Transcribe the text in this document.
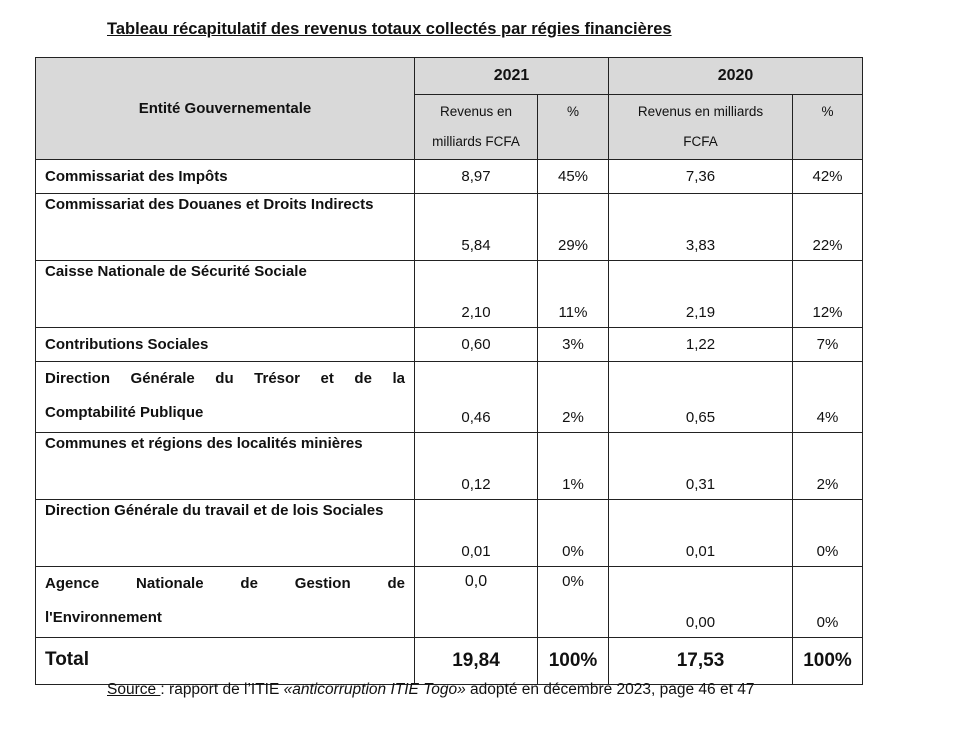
Tableau récapitulatif des revenus totaux collectés par régies financières
Entité Gouvernementale	2021		2020	
	Revenus en milliards FCFA	%	Revenus en milliards FCFA	%
Commissariat des Impôts	8,97	45%	7,36	42%
Commissariat des Douanes et Droits Indirects	5,84	29%	3,83	22%
Caisse Nationale de Sécurité Sociale	2,10	11%	2,19	12%
Contributions Sociales	0,60	3%	1,22	7%

Direction Générale du Trésor et de la
Comptabilité Publique	0,46	2%	0,65	4%
Communes et régions des localités minières	0,12	1%	0,31	2%
Direction Générale du travail et de lois Sociales	0,01	0%	0,01	0%

Agence Nationale de Gestion de
l'Environnement	0,0	0%	0,00	0%
Total	19,84	100%	17,53	100%
Source : rapport de l’ITIE «anticorruption ITIE Togo» adopté en décembre 2023, page 46 et 47
